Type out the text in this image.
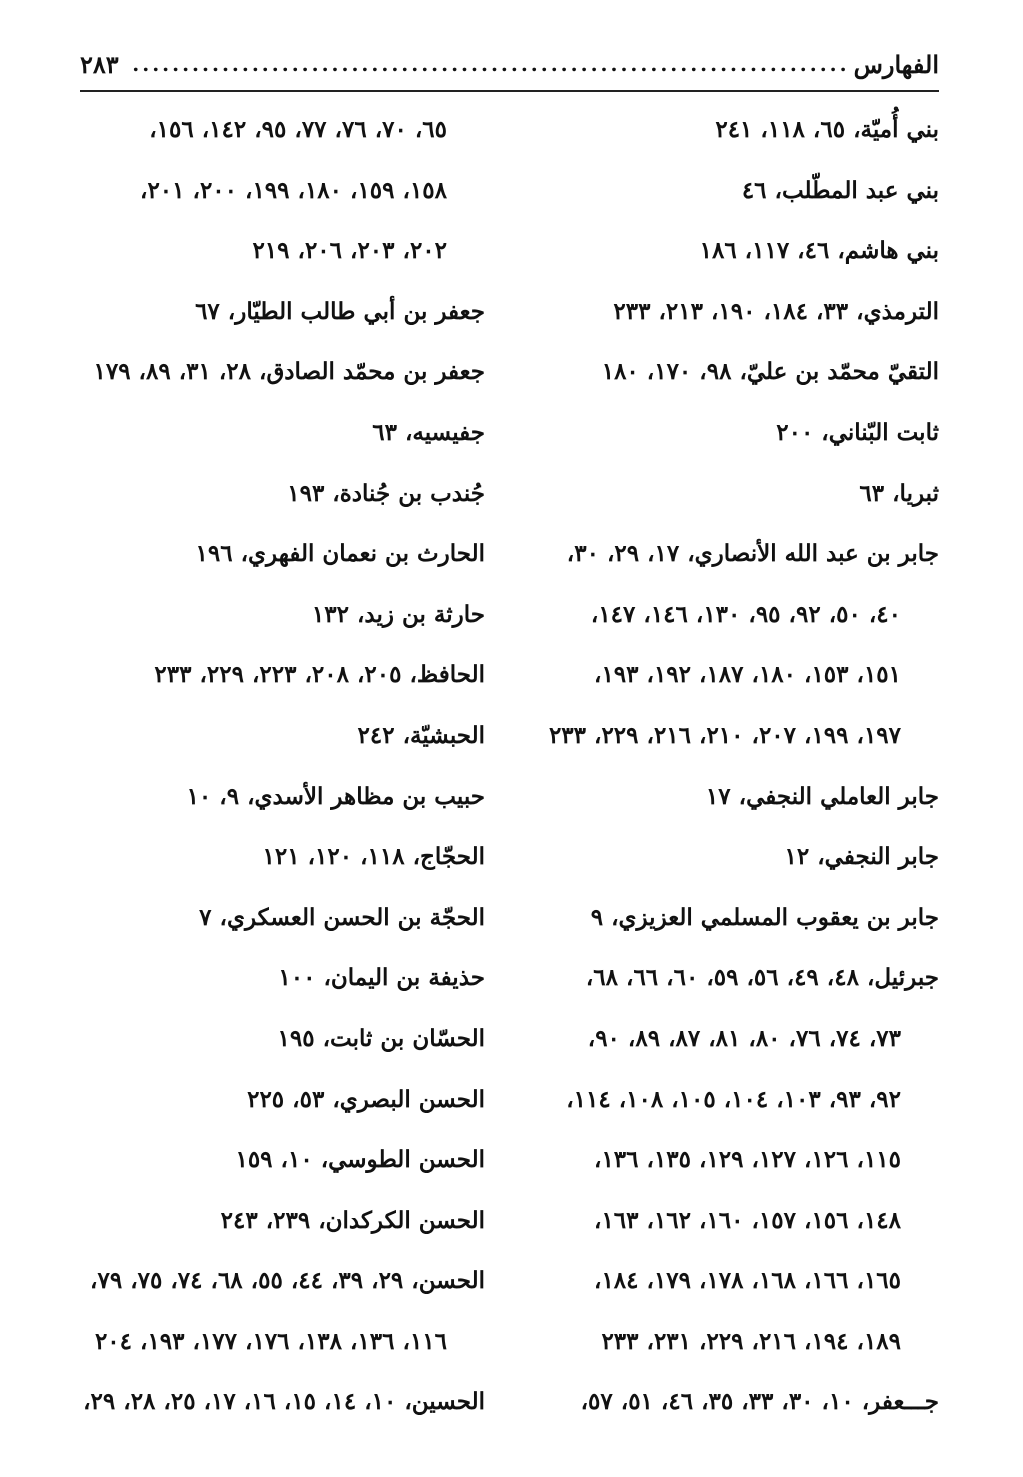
الفهارس
........................................................................
٢٨٣
بني أُميّة، ٦٥، ١١٨، ٢٤١
بني عبد المطّلب، ٤٦
بني هاشم، ٤٦، ١١٧، ١٨٦
الترمذي، ٣٣، ١٨٤، ١٩٠، ٢١٣، ٢٣٣
التقيّ محمّد بن عليّ، ٩٨، ١٧٠، ١٨٠
ثابت البّناني، ٢٠٠
ثبريا، ٦٣
جابر بن عبد الله الأنصاري، ١٧، ٢٩، ٣٠،
٤٠، ٥٠، ٩٢، ٩٥، ١٣٠، ١٤٦، ١٤٧،
١٥١، ١٥٣، ١٨٠، ١٨٧، ١٩٢، ١٩٣،
١٩٧، ١٩٩، ٢٠٧، ٢١٠، ٢١٦، ٢٢٩، ٢٣٣
جابر العاملي النجفي، ١٧
جابر النجفي، ١٢
جابر بن يعقوب المسلمي العزيزي، ٩
جبرئيل، ٤٨، ٤٩، ٥٦، ٥٩، ٦٠، ٦٦، ٦٨،
٧٣، ٧٤، ٧٦، ٨٠، ٨١، ٨٧، ٨٩، ٩٠،
٩٢، ٩٣، ١٠٣، ١٠٤، ١٠٥، ١٠٨، ١١٤،
١١٥، ١٢٦، ١٢٧، ١٢٩، ١٣٥، ١٣٦،
١٤٨، ١٥٦، ١٥٧، ١٦٠، ١٦٢، ١٦٣،
١٦٥، ١٦٦، ١٦٨، ١٧٨، ١٧٩، ١٨٤،
١٨٩، ١٩٤، ٢١٦، ٢٢٩، ٢٣١، ٢٣٣
جـــعفر، ١٠، ٣٠، ٣٣، ٣٥، ٤٦، ٥١، ٥٧،
٦٥، ٧٠، ٧٦، ٧٧، ٩٥، ١٤٢، ١٥٦،
١٥٨، ١٥٩، ١٨٠، ١٩٩، ٢٠٠، ٢٠١،
٢٠٢، ٢٠٣، ٢٠٦، ٢١٩
جعفر بن أبي طالب الطيّار، ٦٧
جعفر بن محمّد الصادق، ٢٨، ٣١، ٨٩، ١٧٩
جفيسيه، ٦٣
جُندب بن جُنادة، ١٩٣
الحارث بن نعمان الفهري، ١٩٦
حارثة بن زيد، ١٣٢
الحافظ، ٢٠٥، ٢٠٨، ٢٢٣، ٢٢٩، ٢٣٣
الحبشيّة، ٢٤٢
حبيب بن مظاهر الأسدي، ٩، ١٠
الحجّاج، ١١٨، ١٢٠، ١٢١
الحجّة بن الحسن العسكري، ٧
حذيفة بن اليمان، ١٠٠
الحسّان بن ثابت، ١٩٥
الحسن البصري، ٥٣، ٢٢٥
الحسن الطوسي، ١٠، ١٥٩
الحسن الكركدان، ٢٣٩، ٢٤٣
الحسن، ٢٩، ٣٩، ٤٤، ٥٥، ٦٨، ٧٤، ٧٥، ٧٩،
١١٦، ١٣٦، ١٣٨، ١٧٦، ١٧٧، ١٩٣، ٢٠٤
الحسين، ١٠، ١٤، ١٥، ١٦، ١٧، ٢٥، ٢٨، ٢٩،
